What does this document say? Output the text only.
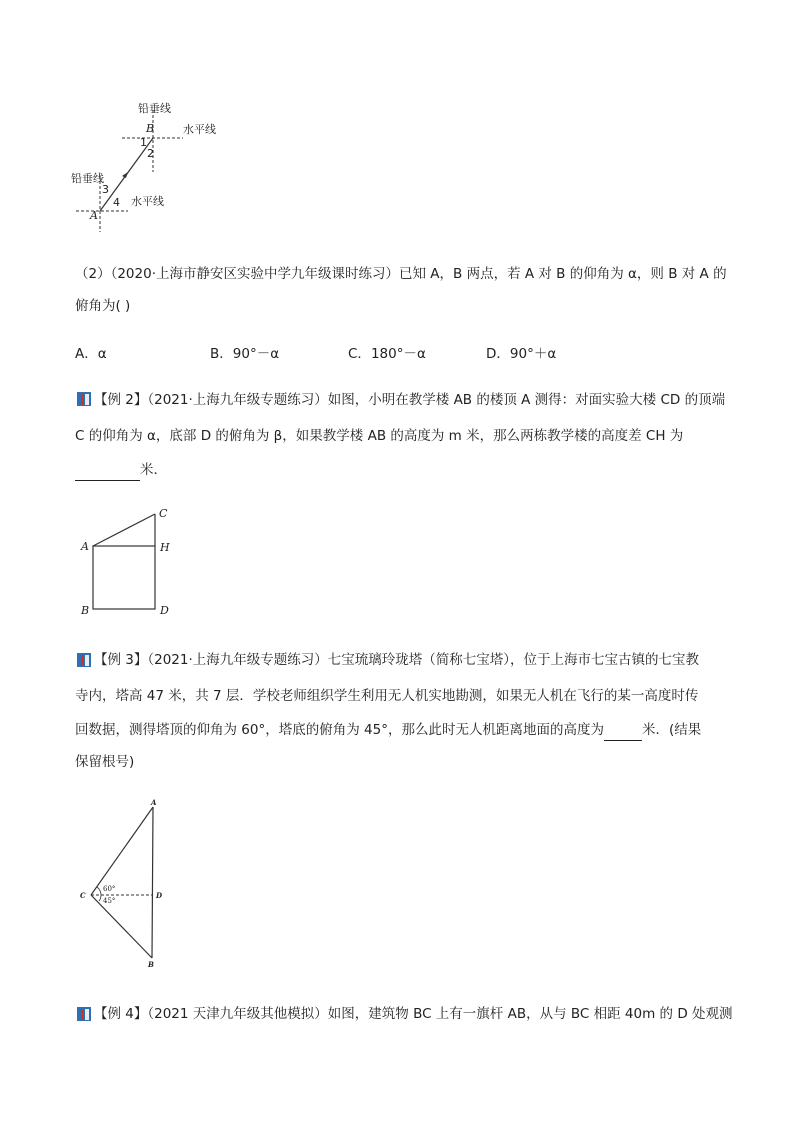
铅垂线
水平线
B
1
2
铅垂线
3
4 水平线
A
（2）（2020·上海市静安区实验中学九年级课时练习）已知 A，B 两点，若 A 对 B 的仰角为 α，则 B 对 A 的
俯角为( )
A．α	B．90°－α	C．180°－α	D．90°＋α
【例 2】（2021·上海九年级专题练习）如图，小明在教学楼 AB 的楼顶 A 测得：对面实验大楼 CD 的顶端
C 的仰角为 α，底部 D 的俯角为 β，如果教学楼 AB 的高度为 m 米，那么两栋教学楼的高度差 CH 为
米．
A
B
C
D
H
【例 3】（2021·上海九年级专题练习）七宝琉璃玲珑塔（简称七宝塔），位于上海市七宝古镇的七宝教
寺内，塔高 47 米，共 7 层．学校老师组织学生利用无人机实地勘测，如果无人机在飞行的某一高度时传
回数据，测得塔顶的仰角为 60°，塔底的俯角为 45°，那么此时无人机距离地面的高度为	米．(结果
保留根号)
A
C	D
B
60°
45°
【例 4】（2021 天津九年级其他模拟）如图，建筑物 BC 上有一旗杆 AB，从与 BC 相距 40m 的 D 处观测
